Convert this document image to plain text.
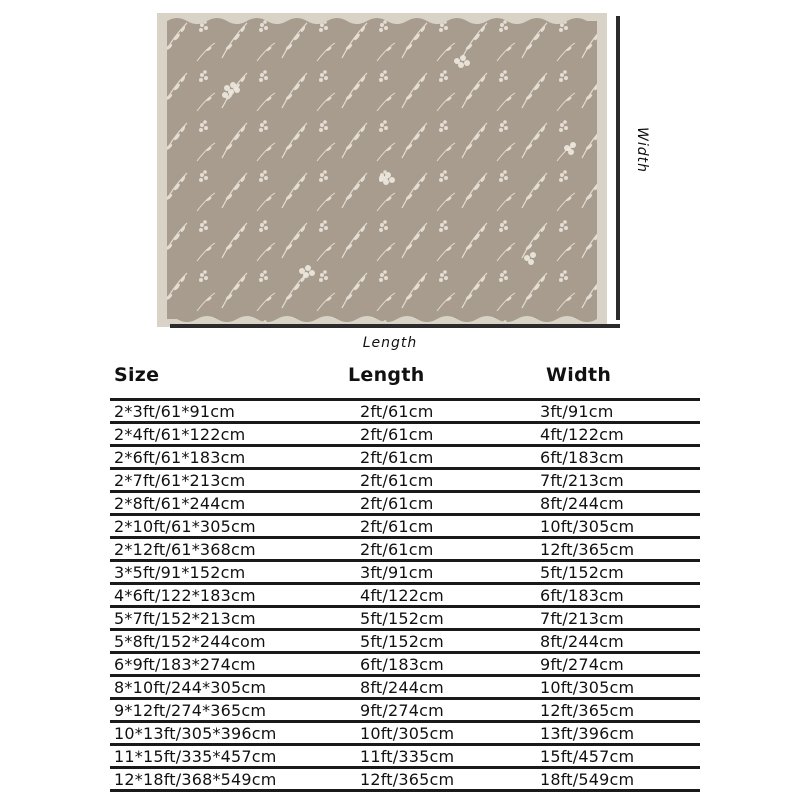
Width
Length
Size	Length	Width
2*3ft/61*91cm	2ft/61cm	3ft/91cm
2*4ft/61*122cm	2ft/61cm	4ft/122cm
2*6ft/61*183cm	2ft/61cm	6ft/183cm
2*7ft/61*213cm	2ft/61cm	7ft/213cm
2*8ft/61*244cm	2ft/61cm	8ft/244cm
2*10ft/61*305cm	2ft/61cm	10ft/305cm
2*12ft/61*368cm	2ft/61cm	12ft/365cm
3*5ft/91*152cm	3ft/91cm	5ft/152cm
4*6ft/122*183cm	4ft/122cm	6ft/183cm
5*7ft/152*213cm	5ft/152cm	7ft/213cm
5*8ft/152*244com	5ft/152cm	8ft/244cm
6*9ft/183*274cm	6ft/183cm	9ft/274cm
8*10ft/244*305cm	8ft/244cm	10ft/305cm
9*12ft/274*365cm	9ft/274cm	12ft/365cm
10*13ft/305*396cm	10ft/305cm	13ft/396cm
11*15ft/335*457cm	11ft/335cm	15ft/457cm
12*18ft/368*549cm	12ft/365cm	18ft/549cm
